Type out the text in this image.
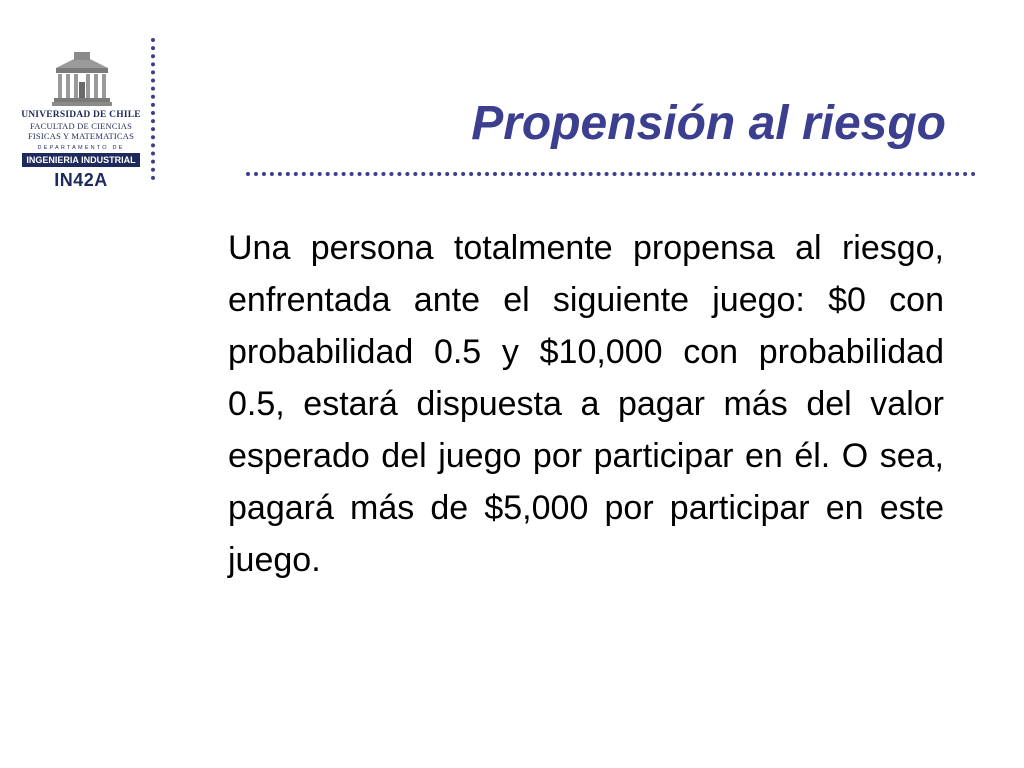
UNIVERSIDAD DE CHILE
FACULTAD DE CIENCIAS
FISICAS Y MATEMATICAS
DEPARTAMENTO DE
INGENIERIA INDUSTRIAL
IN42A
Propensión al riesgo
Una persona totalmente propensa al riesgo, enfrentada ante el siguiente juego: $0 con probabilidad 0.5 y $10,000 con probabilidad 0.5, estará dispuesta a pagar más del valor esperado del juego por participar en él. O sea, pagará más de $5,000 por participar en este juego.
